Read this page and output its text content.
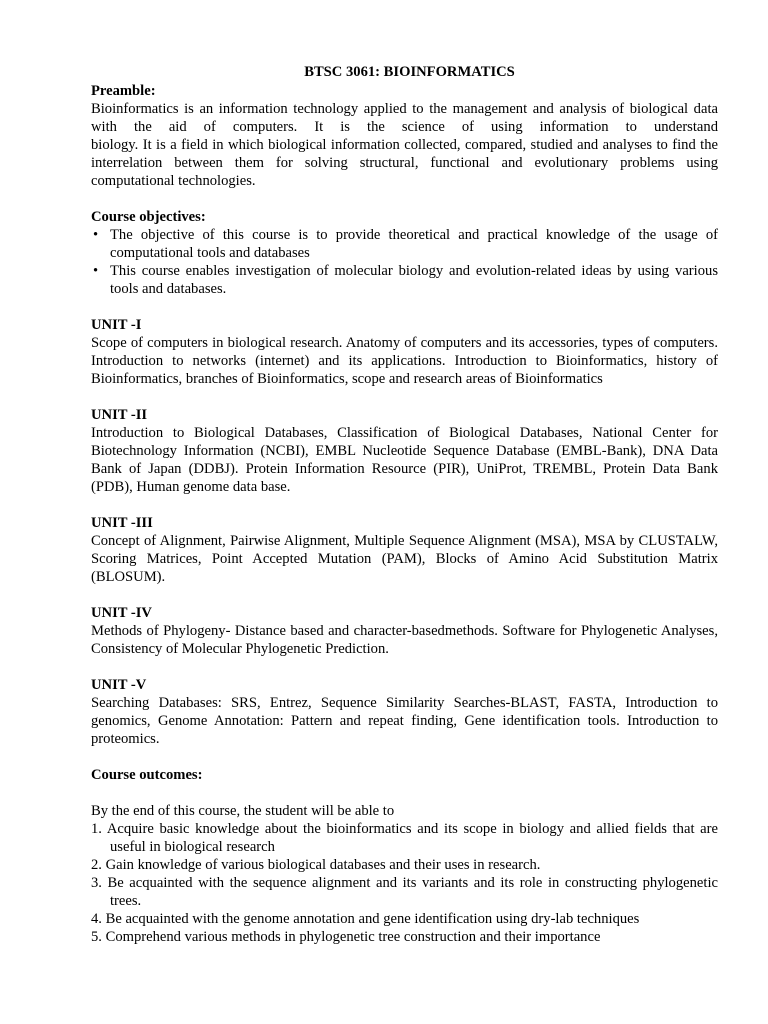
BTSC 3061: BIOINFORMATICS
Preamble:

Bioinformatics is an information technology applied to the management and analysis of biological data with the aid of computers. It is the science of using information to understand

biology. It is a field in which biological information collected, compared, studied and analyses to find the interrelation between them for solving structural, functional and evolutionary problems using computational technologies.

Course objectives:
• The objective of this course is to provide theoretical and practical knowledge of the usage of computational tools and databases
• This course enables investigation of molecular biology and evolution-related ideas by using various tools and databases.
UNIT -I

Scope of computers in biological research. Anatomy of computers and its accessories, types of computers. Introduction to networks (internet) and its applications. Introduction to Bioinformatics, history of Bioinformatics, branches of Bioinformatics, scope and research areas of Bioinformatics

UNIT -II

Introduction to Biological Databases, Classification of Biological Databases, National Center for Biotechnology Information (NCBI), EMBL Nucleotide Sequence Database (EMBL-Bank), DNA Data Bank of Japan (DDBJ). Protein Information Resource (PIR), UniProt, TREMBL, Protein Data Bank (PDB), Human genome data base.

UNIT -III

Concept of Alignment, Pairwise Alignment, Multiple Sequence Alignment (MSA), MSA by CLUSTALW, Scoring Matrices, Point Accepted Mutation (PAM), Blocks of Amino Acid Substitution Matrix (BLOSUM).

UNIT -IV

Methods of Phylogeny- Distance based and character-basedmethods. Software for Phylogenetic Analyses, Consistency of Molecular Phylogenetic Prediction.

UNIT -V

Searching Databases: SRS, Entrez, Sequence Similarity Searches-BLAST, FASTA, Introduction to genomics, Genome Annotation: Pattern and repeat finding, Gene identification tools. Introduction to proteomics.

Course outcomes:

By the end of this course, the student will be able to

1. Acquire basic knowledge about the bioinformatics and its scope in biology and allied fields that are useful in biological research
2. Gain knowledge of various biological databases and their uses in research.
3. Be acquainted with the sequence alignment and its variants and its role in constructing phylogenetic trees.
4. Be acquainted with the genome annotation and gene identification using dry-lab techniques
5. Comprehend various methods in phylogenetic tree construction and their importance
